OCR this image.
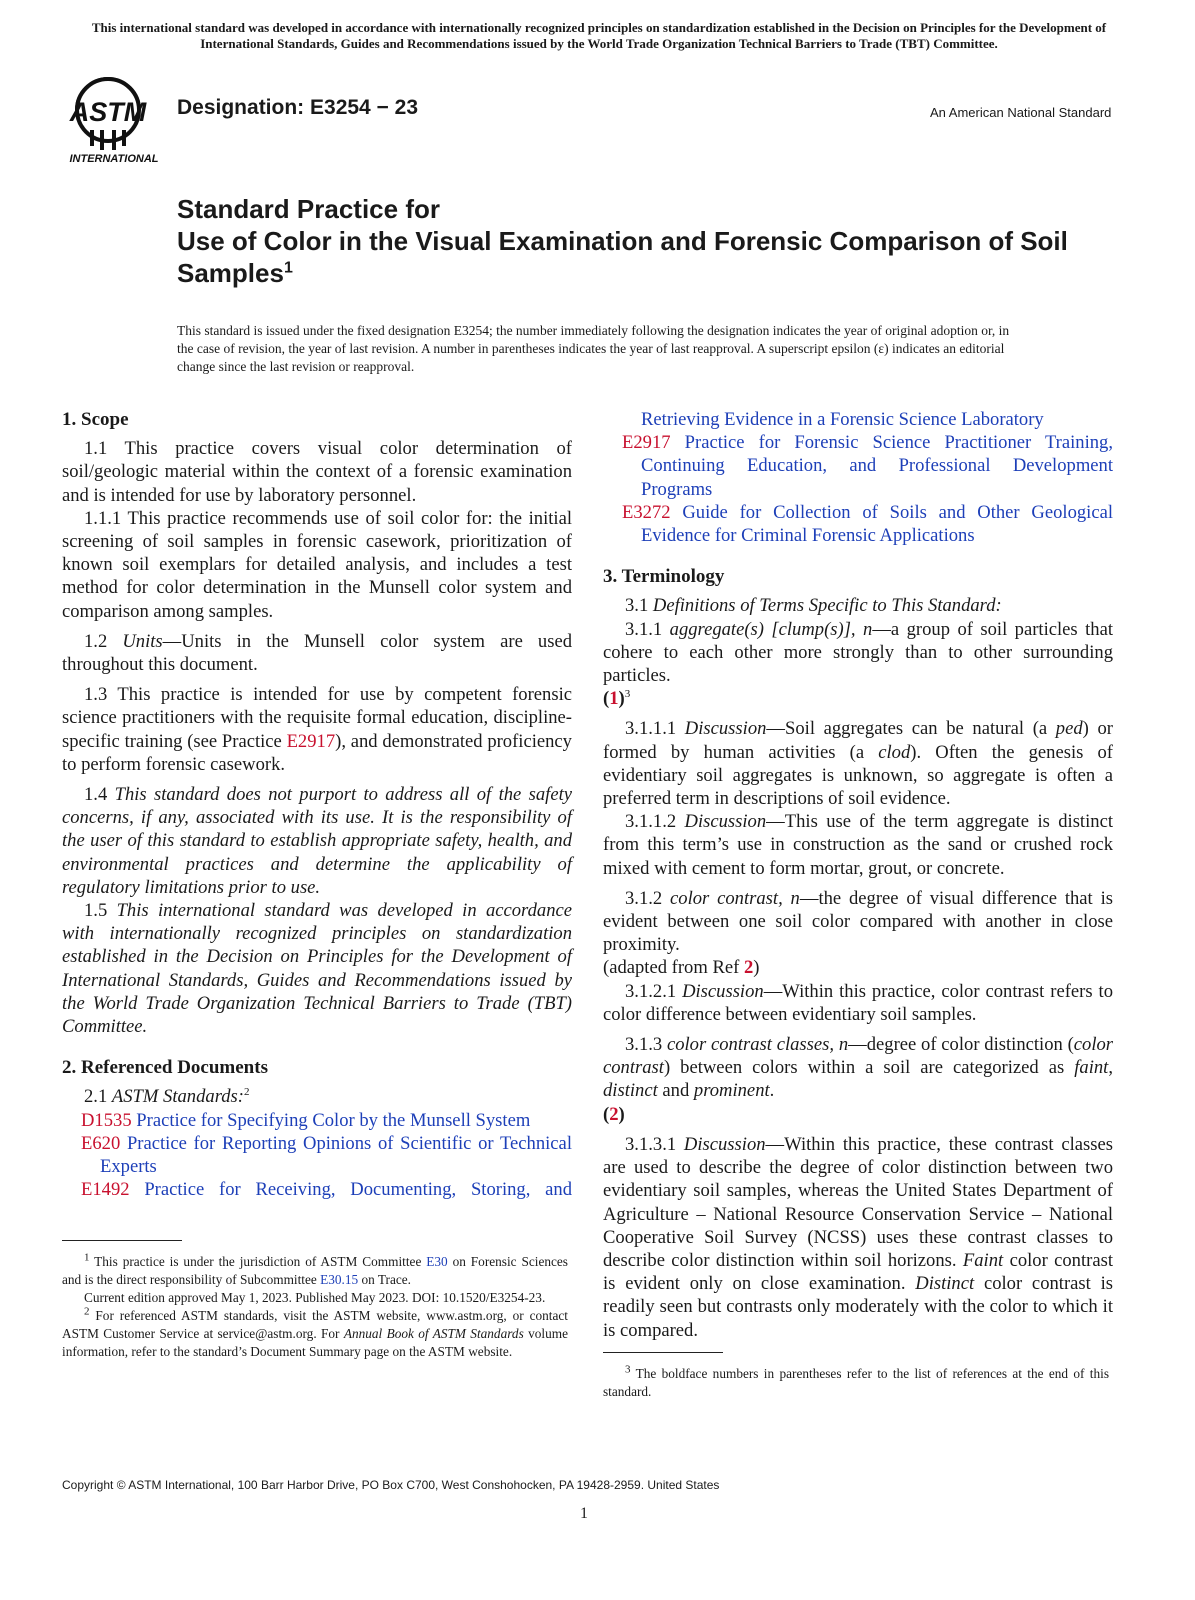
This international standard was developed in accordance with internationally recognized principles on standardization established in the Decision on Principles for the Development of International Standards, Guides and Recommendations issued by the World Trade Organization Technical Barriers to Trade (TBT) Committee.
ASTM
INTERNATIONAL
Designation: E3254 − 23	An American National Standard
Standard Practice for
Use of Color in the Visual Examination and Forensic Comparison of Soil Samples$^1$
This standard is issued under the fixed designation E3254; the number immediately following the designation indicates the year of original adoption or, in the case of revision, the year of last revision. A number in parentheses indicates the year of last reapproval. A superscript epsilon (ε) indicates an editorial change since the last revision or reapproval.
1. Scope

1.1 This practice covers visual color determination of soil/geologic material within the context of a forensic examination and is intended for use by laboratory personnel.

1.1.1 This practice recommends use of soil color for: the initial screening of soil samples in forensic casework, prioritization of known soil exemplars for detailed analysis, and includes a test method for color determination in the Munsell color system and comparison among samples.

1.2 Units—Units in the Munsell color system are used throughout this document.

1.3 This practice is intended for use by competent forensic science practitioners with the requisite formal education, discipline-specific training (see Practice E2917), and demonstrated proficiency to perform forensic casework.

1.4 This standard does not purport to address all of the safety concerns, if any, associated with its use. It is the responsibility of the user of this standard to establish appropriate safety, health, and environmental practices and determine the applicability of regulatory limitations prior to use.

1.5 This international standard was developed in accordance with internationally recognized principles on standardization established in the Decision on Principles for the Development of International Standards, Guides and Recommendations issued by the World Trade Organization Technical Barriers to Trade (TBT) Committee.

2. Referenced Documents

2.1 ASTM Standards:$^2$

D1535 Practice for Specifying Color by the Munsell System

E620 Practice for Reporting Opinions of Scientific or Technical Experts

E1492 Practice for Receiving, Documenting, Storing, and

$^1$ This practice is under the jurisdiction of ASTM Committee E30 on Forensic Sciences and is the direct responsibility of Subcommittee E30.15 on Trace.

Current edition approved May 1, 2023. Published May 2023. DOI: 10.1520/E3254-23.

$^2$ For referenced ASTM standards, visit the ASTM website, www.astm.org, or contact ASTM Customer Service at service@astm.org. For Annual Book of ASTM Standards volume information, refer to the standard’s Document Summary page on the ASTM website.

Retrieving Evidence in a Forensic Science Laboratory

E2917 Practice for Forensic Science Practitioner Training, Continuing Education, and Professional Development Programs

E3272 Guide for Collection of Soils and Other Geological Evidence for Criminal Forensic Applications

3. Terminology

3.1 Definitions of Terms Specific to This Standard:

3.1.1 aggregate(s) [clump(s)], n—a group of soil particles that cohere to each other more strongly than to other surrounding particles.

$(1)^3$

3.1.1.1 Discussion—Soil aggregates can be natural (a ped) or formed by human activities (a clod). Often the genesis of evidentiary soil aggregates is unknown, so aggregate is often a preferred term in descriptions of soil evidence.

3.1.1.2 Discussion—This use of the term aggregate is distinct from this term’s use in construction as the sand or crushed rock mixed with cement to form mortar, grout, or concrete.

3.1.2 color contrast, n—the degree of visual difference that is evident between one soil color compared with another in close proximity.

(adapted from Ref 2)

3.1.2.1 Discussion—Within this practice, color contrast refers to color difference between evidentiary soil samples.

3.1.3 color contrast classes, n—degree of color distinction (color contrast) between colors within a soil are categorized as faint, distinct and prominent.

(2)

3.1.3.1 Discussion—Within this practice, these contrast classes are used to describe the degree of color distinction between two evidentiary soil samples, whereas the United States Department of Agriculture – National Resource Conservation Service – National Cooperative Soil Survey (NCSS) uses these contrast classes to describe color distinction within soil horizons. Faint color contrast is evident only on close examination. Distinct color contrast is readily seen but contrasts only moderately with the color to which it is compared.

$^3$ The boldface numbers in parentheses refer to the list of references at the end of this standard.

Copyright © ASTM International, 100 Barr Harbor Drive, PO Box C700, West Conshohocken, PA 19428-2959. United States
1
